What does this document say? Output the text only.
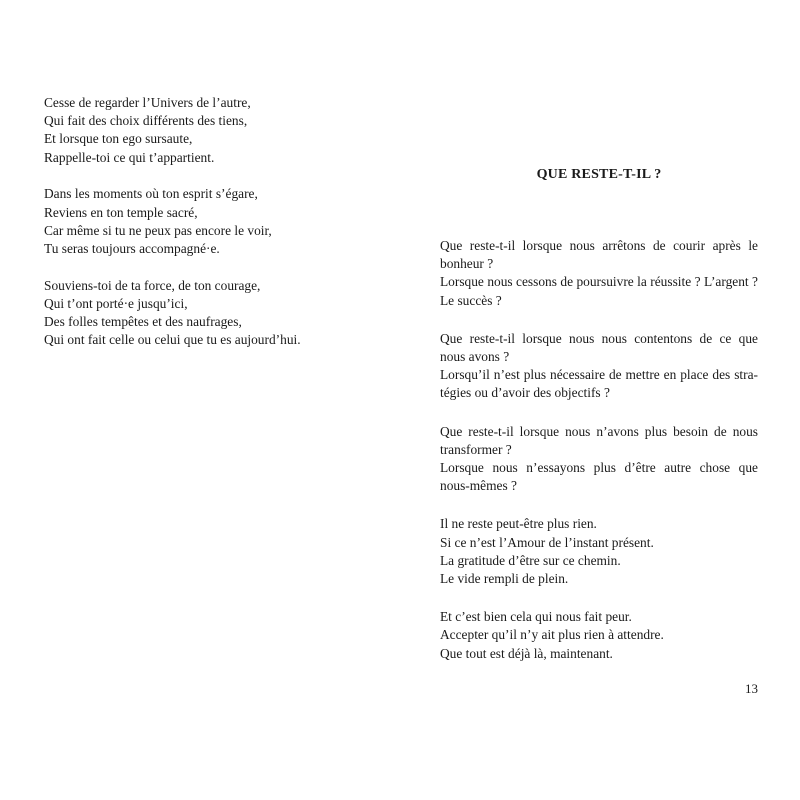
Cesse de regarder l’Univers de l’autre,
Qui fait des choix différents des tiens,
Et lorsque ton ego sursaute,
Rappelle-toi ce qui t’appartient.
Dans les moments où ton esprit s’égare,
Reviens en ton temple sacré,
Car même si tu ne peux pas encore le voir,
Tu seras toujours accompagné·e.
Souviens-toi de ta force, de ton courage,
Qui t’ont porté·e jusqu’ici,
Des folles tempêtes et des naufrages,
Qui ont fait celle ou celui que tu es aujourd’hui.
QUE RESTE-T-IL ?
Que reste-t-il lorsque nous arrêtons de courir après le
bonheur ?
Lorsque nous cessons de poursuivre la réussite ? L’argent ?
Le succès ?
Que reste-t-il lorsque nous nous contentons de ce que
nous avons ?
Lorsqu’il n’est plus nécessaire de mettre en place des stra-
tégies ou d’avoir des objectifs ?
Que reste-t-il lorsque nous n’avons plus besoin de nous
transformer ?
Lorsque nous n’essayons plus d’être autre chose que
nous-mêmes ?
Il ne reste peut-être plus rien.
Si ce n’est l’Amour de l’instant présent.
La gratitude d’être sur ce chemin.
Le vide rempli de plein.
Et c’est bien cela qui nous fait peur.
Accepter qu’il n’y ait plus rien à attendre.
Que tout est déjà là, maintenant.
13
